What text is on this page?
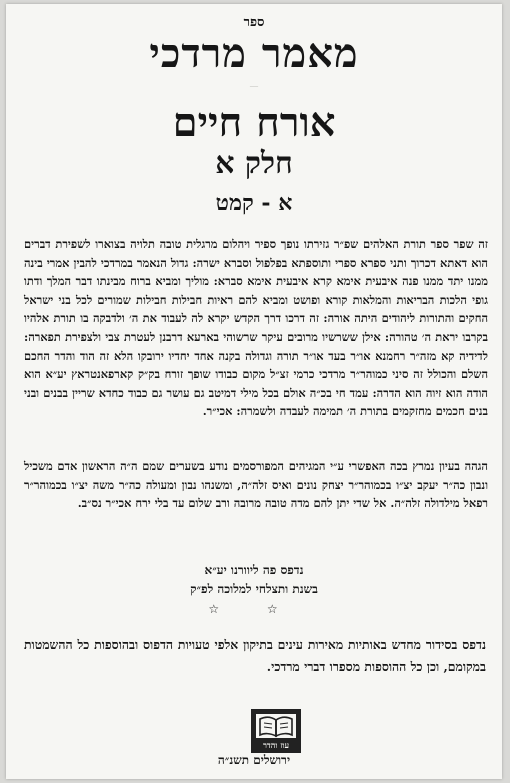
ספר
מאמר מרדכי
—
אורח חיים
חלק א
א - קמט
זה שפר ספר תורת האלהים שפ״ר גזירתו נופך ספיר ויהלום מרגלית טובה תלויה בצוארו לשפירת דברים הוא דאתא דכרוך ותני ספרא ספרי ותוספתא בפלפול וסברא ישרה: גדול הנאמר במרדכי להבין אמרי בינה ממנו יתד ממנו פנה איבעית אימא קרא איבעית אימא סברא: מוליך ומביא ברוח מבינתו דבר המלך ודתו גופי הלכות הבריאות והמלאות קורא ופושט ומביא להם ראיות חבילות חבילות שמורים לכל בני ישראל החקים והתורות ליהודים היתה אורה: זה דרכו דרך הקדש יקרא לה לעבוד את ה׳ ולדבקה בו תורת אלהיו בקרבו יראת ה׳ טהורה: אילן ששרשיו מרובים עיקר שרשוהי בארעא דרבנן לעטרת צבי ולצפירת תפארה: לדידיה קא מזה״ר רחמנא או״ר בעד או״ר תורה וגדולה בקנה אחד יחדיו ירובקו הלא זה הוד והדר החכם השלם והכולל זה סיני כמוהר״ר מרדכי כרמי זצ״ל מקום כבודו שופך זורח בק״ק קארפאנטראץ יע״א הוא הודה הוא זיוה הוא הדרה: עמד חי בכ״ה אולם בכל מילי דמיטב גם עושר גם כבוד כחדא שריין בבנים ובני בנים חכמים מחזקמים בתורת ה׳ תמימה לעבדה ולשמרה: אכי״ר.
הגהה בעיון נמרץ בכה האפשרי ע״י המגיהים המפורסמים נודע בשערים שמם ה״ה הראשון אדם משכיל ונבון כה״ר יעקב יצ״ו בכמוהר״ר יצחק נונים ואיס זלה״ה, ומשנהו נבון ומעולה כה״ר משה יצ״ו בכמוהר״ר רפאל מילדולה זלה״ה. אל שדי יתן להם מדה טובה מרובה ורב שלום עד בלי ירח אכי״ר נס״ב.
נדפס פה ליוורנו יע״א
בשנת ותצלחי למלוכה לפ״ק
☆ ☆
נדפס בסידור מחדש באותיות מאירות עינים בתיקון אלפי טעויות הדפוס ובהוספות כל ההשמטות במקומם, וכן כל ההוספות מספרו דברי מרדכי.
עוז והדר
ירושלים תשנ״ה
